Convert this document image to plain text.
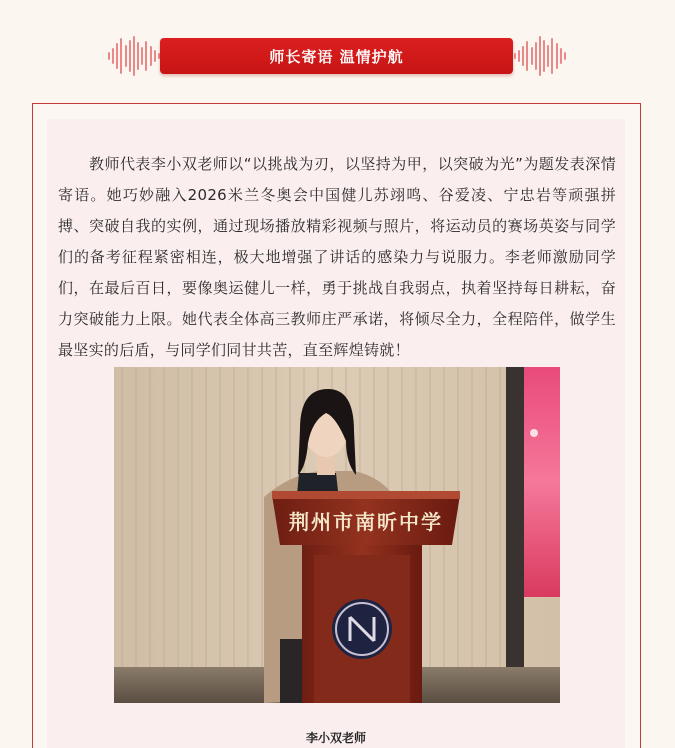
师长寄语 温情护航

教师代表李小双老师以“以挑战为刃，以坚持为甲，以突破为光”为题发表深情寄语。她巧妙融入2026米兰冬奥会中国健儿苏翊鸣、谷爱凌、宁忠岩等顽强拼搏、突破自我的实例，通过现场播放精彩视频与照片，将运动员的赛场英姿与同学们的备考征程紧密相连，极大地增强了讲话的感染力与说服力。李老师激励同学们，在最后百日，要像奥运健儿一样，勇于挑战自我弱点，执着坚持每日耕耘，奋力突破能力上限。她代表全体高三教师庄严承诺，将倾尽全力，全程陪伴，做学生最坚实的后盾，与同学们同甘共苦，直至辉煌铸就！

荆州市南昕中学
李小双老师
